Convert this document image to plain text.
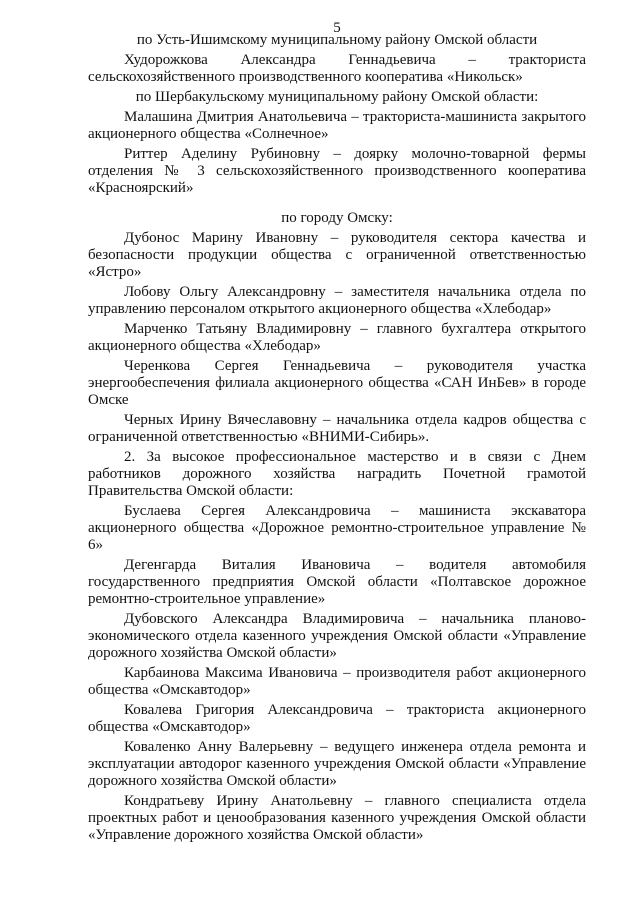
5

по Усть-Ишимскому муниципальному району Омской области

Худорожкова Александра Геннадьевича – тракториста сельскохозяйственного производственного кооператива «Никольск»

по Шербакульскому муниципальному району Омской области:

Малашина Дмитрия Анатольевича – тракториста-машиниста закрытого акционерного общества «Солнечное»

Риттер Аделину Рубиновну – доярку молочно-товарной фермы отделения № 3 сельскохозяйственного производственного кооператива «Красноярский»

по городу Омску:

Дубонос Марину Ивановну – руководителя сектора качества и безопасности продукции общества с ограниченной ответственностью «Ястро»

Лобову Ольгу Александровну – заместителя начальника отдела по управлению персоналом открытого акционерного общества «Хлебодар»

Марченко Татьяну Владимировну – главного бухгалтера открытого акционерного общества «Хлебодар»

Черенкова Сергея Геннадьевича – руководителя участка энергообеспечения филиала акционерного общества «САН ИнБев» в городе Омске

Черных Ирину Вячеславовну – начальника отдела кадров общества с ограниченной ответственностью «ВНИМИ-Сибирь».

2. За высокое профессиональное мастерство и в связи с Днем работников дорожного хозяйства наградить Почетной грамотой Правительства Омской области:

Буслаева Сергея Александровича – машиниста экскаватора акционерного общества «Дорожное ремонтно-строительное управление № 6»

Дегенгарда Виталия Ивановича – водителя автомобиля государственного предприятия Омской области «Полтавское дорожное ремонтно-строительное управление»

Дубовского Александра Владимировича – начальника планово-экономического отдела казенного учреждения Омской области «Управление дорожного хозяйства Омской области»

Карбаинова Максима Ивановича – производителя работ акционерного общества «Омскавтодор»

Ковалева Григория Александровича – тракториста акционерного общества «Омскавтодор»

Коваленко Анну Валерьевну – ведущего инженера отдела ремонта и эксплуатации автодорог казенного учреждения Омской области «Управление дорожного хозяйства Омской области»

Кондратьеву Ирину Анатольевну – главного специалиста отдела проектных работ и ценообразования казенного учреждения Омской области «Управление дорожного хозяйства Омской области»
